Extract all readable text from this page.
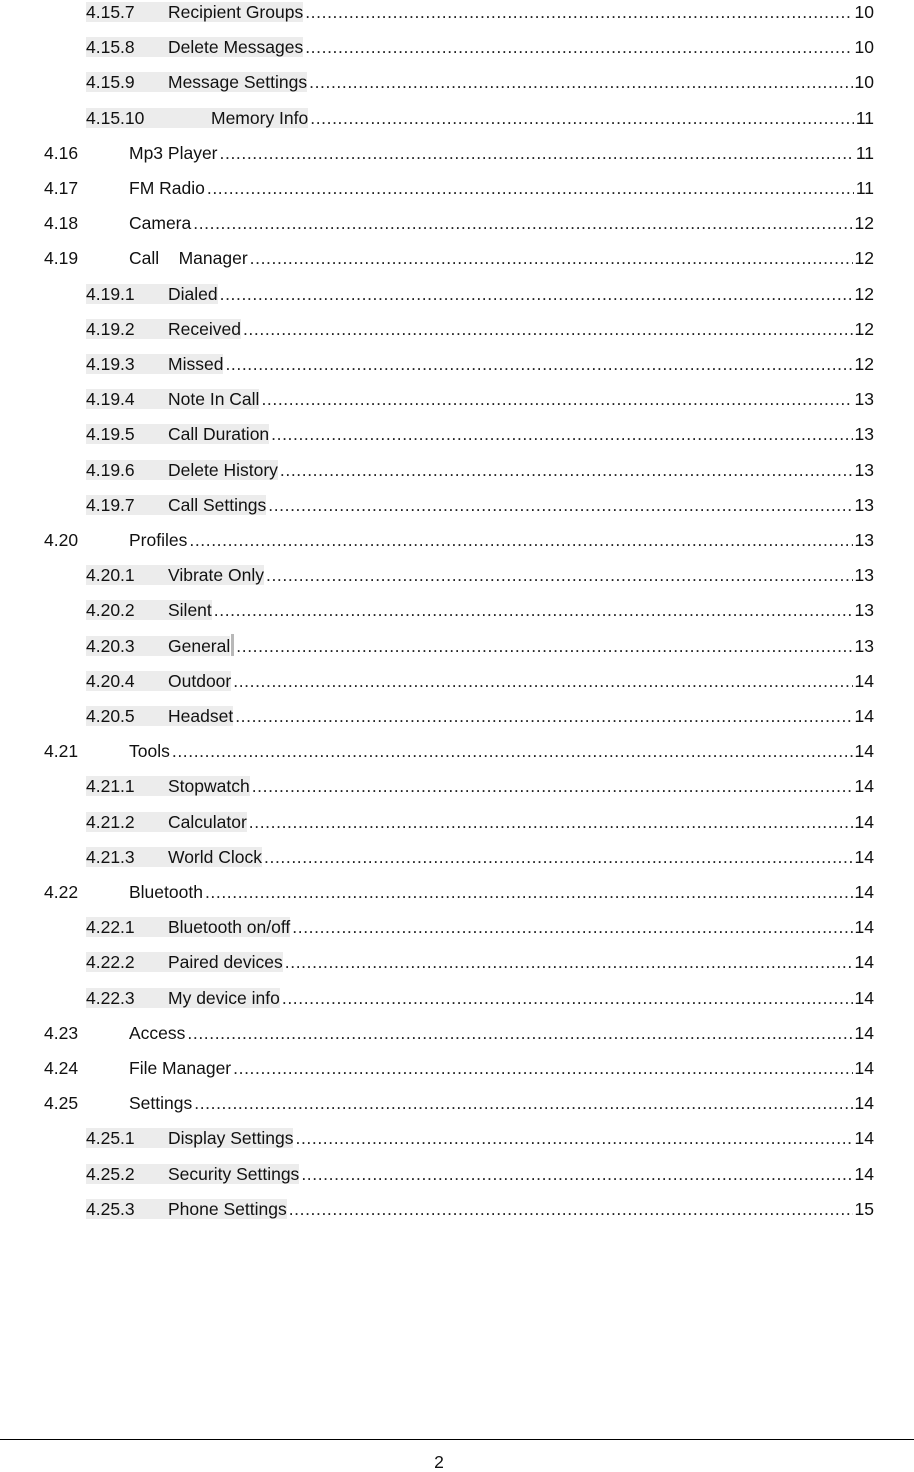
4.15.7	Recipient Groups .....	10
4.15.8	Delete Messages .....	10
4.15.9	Message Settings .....	10
4.15.10	Memory Info .....	11
4.16	Mp3 Player .....	11
4.17	FM Radio .....	11
4.18	Camera .....	12
4.19	Call    Manager .....	12
4.19.1	Dialed .....	12
4.19.2	Received .....	12
4.19.3	Missed .....	12
4.19.4	Note In Call .....	13
4.19.5	Call Duration .....	13
4.19.6	Delete History .....	13
4.19.7	Call Settings .....	13
4.20	Profiles .....	13
4.20.1	Vibrate Only .....	13
4.20.2	Silent .....	13
4.20.3	General .....	13
4.20.4	Outdoor .....	14
4.20.5	Headset .....	14
4.21	Tools .....	14
4.21.1	Stopwatch .....	14
4.21.2	Calculator .....	14
4.21.3	World Clock .....	14
4.22	Bluetooth .....	14
4.22.1	Bluetooth on/off .....	14
4.22.2	Paired devices .....	14
4.22.3	My device info .....	14
4.23	Access .....	14
4.24	File Manager .....	14
4.25	Settings .....	14
4.25.1	Display Settings .....	14
4.25.2	Security Settings .....	14
4.25.3	Phone Settings .....	15
2
